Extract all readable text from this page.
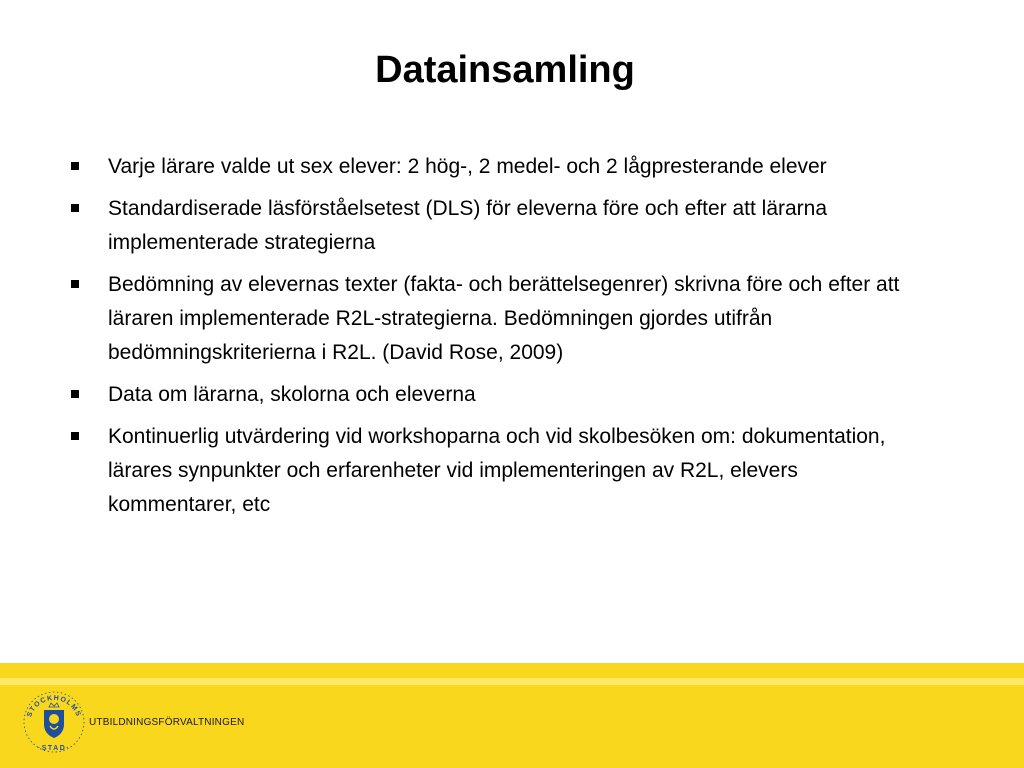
Datainsamling
Varje lärare valde ut sex elever: 2 hög-, 2 medel- och 2 lågpresterande elever
Standardiserade läsförståelsetest (DLS) för eleverna före och efter att lärarna implementerade strategierna
Bedömning av elevernas texter (fakta- och berättelsegenrer) skrivna före och efter att läraren implementerade R2L-strategierna. Bedömningen gjordes utifrån bedömningskriterierna i R2L. (David Rose, 2009)
Data om lärarna, skolorna och eleverna
Kontinuerlig utvärdering vid workshoparna och vid skolbesöken om: dokumentation, lärares synpunkter och erfarenheter vid implementeringen av R2L, elevers kommentarer, etc
STOCKHOLMS
·STAD·
UTBILDNINGSFÖRVALTNINGEN
